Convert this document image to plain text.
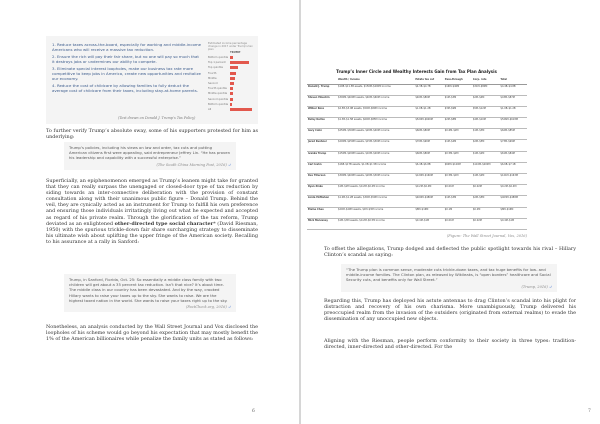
1. Reduce taxes across-the-board, especially for working and middle-income Americans who will receive a massive tax reduction.
2. Ensure the rich will pay their fair share, but no one will pay so much that it destroys jobs or undermines our ability to compete.
3. Eliminate special interest loopholes, make our business tax rate more competitive to keep jobs in America, create new opportunities and revitalize our economy.
4. Reduce the cost of childcare by allowing families to fully deduct the average cost of childcare from their taxes, including stay-at-home parents.
Estimated income percentage change in 2017 under Trump’s tax plan
TRUMP
Bottom quintile
Top 1 percent
Top quintile
Fourth
Middle
Second
Fourth quintile
Middle quintile
Second quintile
Bottom quintile
All
(Text drawn on Donald J. Trump’s Tax Policy)
To further verify Trump’s absolute sway, some of his supporters protested for him as underlying:
Trump’s policies, including his views on law and order, tax cuts and putting American citizens first were appealing, said entrepreneur Jeffrey Lin. “He has proven his leadership and capability with a successful enterprise.”
(The South China Morning Post, 2016) ↵
Superficially, an epiphenomenon emerged as Trump’s leanem might take for granted that they can really surpass the unengaged or closed-door type of tax reduction by siding towards an inter-connective deliberation with the provision of constant consultation along with their unanimous public figure – Donald Trump. Behind the veil, they are cynically acted as an instrument for Trump to fulfill his own preference and ensuring those individuals irritatingly living out what he expected and accepted as regard of his private realm. Through the glorification of the tax reform, Trump deviated as an enlightened other-directed type social character* (David Riesman, 1950) with the spurious trickle-down fair share surcharging strategy to disseminate his ultimate wish about uplifting the upper fringe of the American society. Recalling to his assurance at a rally in Sanford:
Trump, in Sanford, Florida, Oct. 25: So essentially a middle class family with two children will get about a 35 percent tax reduction. Isn’t that nice? It’s about time. The middle class in our country has been devastated. And by the way, crooked Hillary wants to raise your taxes up to the sky. She wants to raise. We are the highest taxed nation in the world. She wants to raise your taxes right up to the sky.
(FactCheck.org, 2016) ↵
Nonetheless, an analysis conducted by the Wall Street Journal and Vox disclosed the loopholes of his scheme would go beyond his expectation that may mostly benefit the 1% of the American billionaires while penalize the family units as stated as follows:
6
Trump’s Inner Circle and Wealthy Interests Gain from Tax Plan Analysis
	Wealth / Income	Estate tax cut	Pass-through	Corp. rate	Total
Donald J. Trump	$10B–$11.5B assets, $150M–$200M income	$4.3B–$4.7B	$16M–$40M	$31M–$80M	$4.4B–$4.8B
Steven Mnuchin	$300M–$400M assets, $40M–$60M income	$40M–$80M	$1M–$3M	$2M–$4M	$43M–$87M
Wilbur Ross	$2.5B–$3.0B assets, $50M–$80M income	$1.0B–$1.2B	$3M–$9M	$5M–$12M	$1.0B–$1.2B
Betsy DeVos	$1.3B–$1.5B assets, $60M–$85M income	$520M–$600M	$2M–$8M	$4M–$10M	$526M–$618M
Gary Cohn	$250M–$300M assets, $20M–$40M income	$60M–$80M	$0.6M–$2M	$1M–$3M	$62M–$85M
Jared Kushner	$200M–$250M assets, $15M–$30M income	$70M–$90M	$1M–$4M	$2M–$5M	$73M–$99M
Ivanka Trump	$150M–$200M assets, $10M–$20M income	$60M–$80M	$0.5M–$2M	$1M–$2M	$61M–$84M
Carl Icahn	$16B–$17B assets, $1.0B–$1.5B income	$6.4B–$6.8B	$60M–$120M	$110M–$200M	$6.6B–$7.1B
Rex Tillerson	$300M–$400M assets, $20M–$30M income	$120M–$160M	$0.5M–$1M	$1M–$2M	$121M–$163M
Ryan Zinke	$1M–$2M assets, $0.2M–$0.4M income	$0.2M–$0.4M	$0.01M	$0.02M	$0.2M–$0.4M
Linda McMahon	$1.0B–$1.2B assets, $30M–$50M income	$400M–$480M	$1M–$3M	$2M–$5M	$403M–$488M
Elaine Chao	$20M–$40M assets, $1M–$3M income	$8M–$16M	$0.1M	$0.2M	$8M–$16M
Mick Mulvaney	$1M–$3M assets, $0.2M–$0.5M income	$0.4M–$1M	$0.01M	$0.02M	$0.4M–$1M
(Figure: The Wall Street Journal, Vox, 2016)
To offset the allegations, Trump dodged and deflected the public spotlight towards his rival – Hillary Clinton’s scandal as saying:
“The Trump plan is common sense, moderate cuts trickle-down taxes, and tax huge benefits for low- and middle-income families. The Clinton plan, as released by Wikileaks, is “open borders” healthcare and Social Security cuts, and benefits only for Wall Street.”
(Trump, 2016) ↵
Regarding this, Trump has deployed his astute antennas to drag Clinton’s scandal into his plight for distraction and recovery of his own charisma. More unambiguously, Trump delivered his preoccupied realm from the invasion of the outsiders (originated from external realms) to evade the dissemination of any unoccupied new objects.
Aligning with the Riesman, people perform conformity to their society in three types: tradition-directed, inner-directed and other-directed. For the
7
